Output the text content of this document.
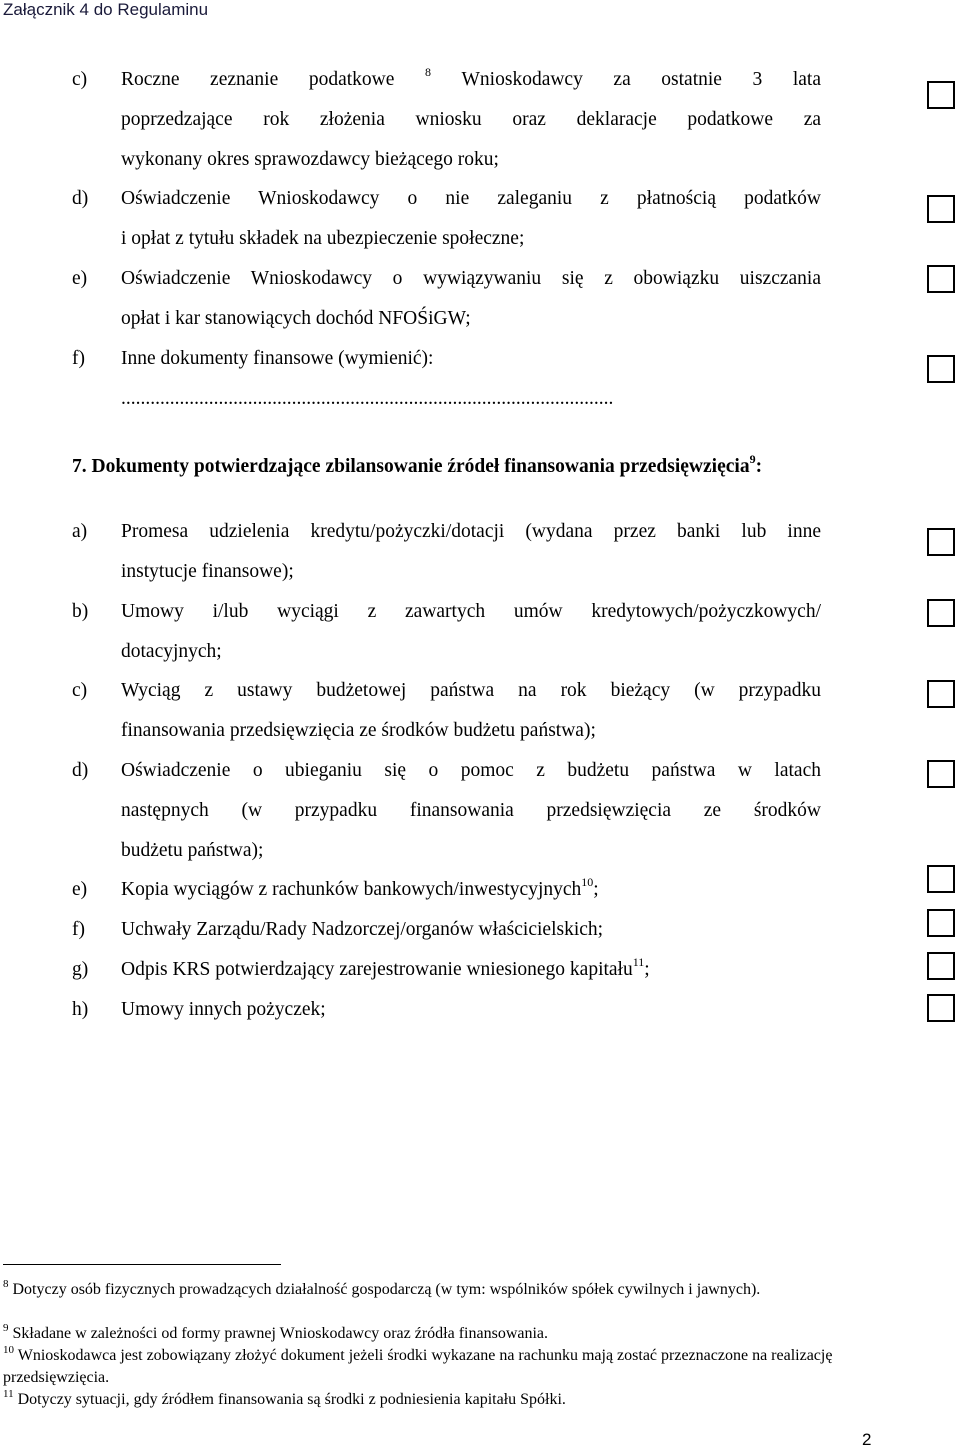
Załącznik 4 do Regulaminu
c) Roczne zeznanie podatkowe	$^8$ Wnioskodawcy za ostatnie 3 lata
poprzedzające rok złożenia wniosku oraz deklaracje podatkowe za
wykonany okres sprawozdawcy bieżącego roku;
d) Oświadczenie Wnioskodawcy o nie zaleganiu z płatnością podatków
i opłat z tytułu składek na ubezpieczenie społeczne;
e) Oświadczenie Wnioskodawcy o wywiązywaniu się z obowiązku uiszczania
opłat i kar stanowiących dochód NFOŚiGW;
f) Inne dokumenty finansowe (wymienić):
.....................................................................................................
7. Dokumenty potwierdzające zbilansowanie źródeł finansowania przedsięwzięcia$^9$:
a) Promesa udzielenia kredytu/pożyczki/dotacji (wydana przez banki lub inne
instytucje finansowe);
b) Umowy i/lub wyciągi z zawartych umów kredytowych/pożyczkowych/
dotacyjnych;
c) Wyciąg z ustawy budżetowej państwa na rok bieżący (w przypadku
finansowania przedsięwzięcia ze środków budżetu państwa);
d) Oświadczenie o ubieganiu się o pomoc z budżetu państwa w latach
następnych (w przypadku finansowania przedsięwzięcia ze środków
budżetu państwa);
e) Kopia wyciągów z rachunków bankowych/inwestycyjnych$^{10}$;
f) Uchwały Zarządu/Rady Nadzorczej/organów właścicielskich;
g) Odpis KRS potwierdzający zarejestrowanie wniesionego kapitału$^{11}$;
h) Umowy innych pożyczek;
$^8$ Dotyczy osób fizycznych prowadzących działalność gospodarczą (w tym: wspólników spółek cywilnych i jawnych).
$^9$ Składane w zależności od formy prawnej Wnioskodawcy oraz źródła finansowania.
$^{10}$ Wnioskodawca jest zobowiązany złożyć dokument jeżeli środki wykazane na rachunku mają zostać przeznaczone na realizację przedsięwzięcia.
$^{11}$ Dotyczy sytuacji, gdy źródłem finansowania są środki z podniesienia kapitału Spółki.
2
